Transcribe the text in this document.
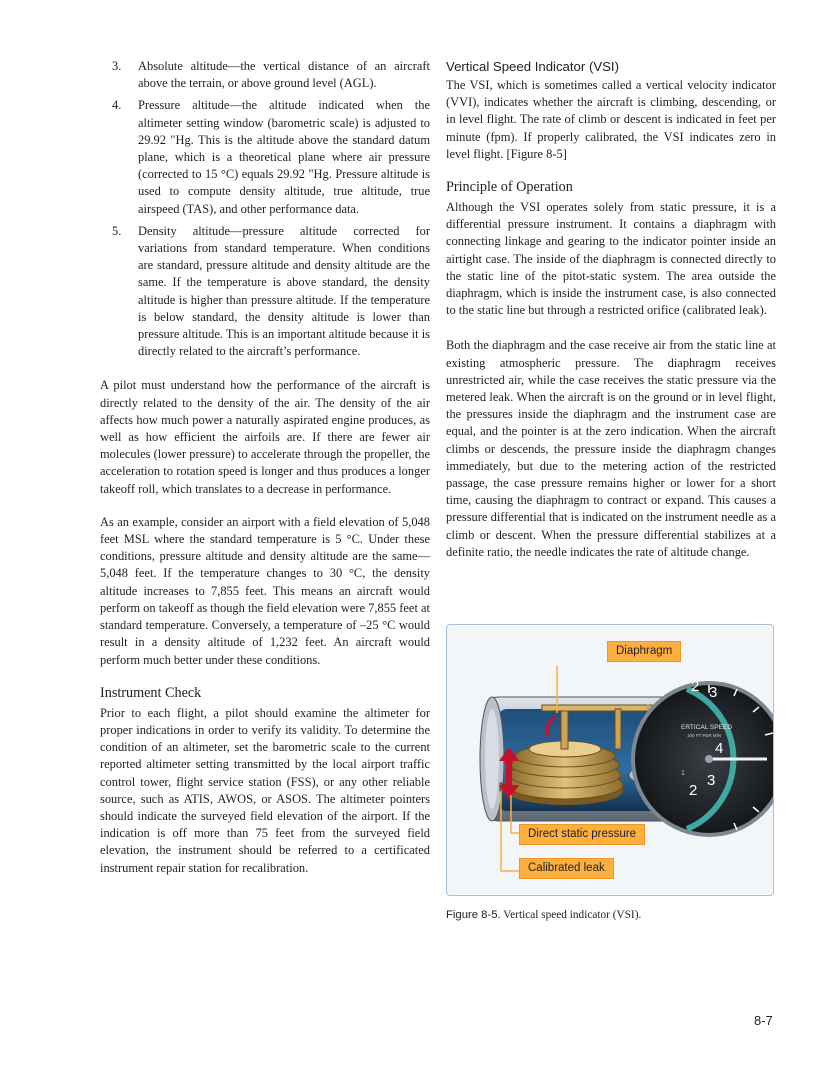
3. Absolute altitude—the vertical distance of an aircraft above the terrain, or above ground level (AGL).
4. Pressure altitude—the altitude indicated when the altimeter setting window (barometric scale) is adjusted to 29.92 "Hg. This is the altitude above the standard datum plane, which is a theoretical plane where air pressure (corrected to 15 °C) equals 29.92 "Hg. Pressure altitude is used to compute density altitude, true altitude, true airspeed (TAS), and other performance data.
5. Density altitude—pressure altitude corrected for variations from standard temperature. When conditions are standard, pressure altitude and density altitude are the same. If the temperature is above standard, the density altitude is higher than pressure altitude. If the temperature is below standard, the density altitude is lower than pressure altitude. This is an important altitude because it is directly related to the aircraft’s performance.

A pilot must understand how the performance of the aircraft is directly related to the density of the air. The density of the air affects how much power a naturally aspirated engine produces, as well as how efficient the airfoils are. If there are fewer air molecules (lower pressure) to accelerate through the propeller, the acceleration to rotation speed is longer and thus produces a longer takeoff roll, which translates to a decrease in performance.

As an example, consider an airport with a field elevation of 5,048 feet MSL where the standard temperature is 5 °C. Under these conditions, pressure altitude and density altitude are the same—5,048 feet. If the temperature changes to 30 °C, the density altitude increases to 7,855 feet. This means an aircraft would perform on takeoff as though the field elevation were 7,855 feet at standard temperature. Conversely, a temperature of –25 °C would result in a density altitude of 1,232 feet. An aircraft would perform much better under these conditions.

Instrument Check

Prior to each flight, a pilot should examine the altimeter for proper indications in order to verify its validity. To determine the condition of an altimeter, set the barometric scale to the current reported altimeter setting transmitted by the local airport traffic control tower, flight service station (FSS), or any other reliable source, such as ATIS, AWOS, or ASOS. The altimeter pointers should indicate the surveyed field elevation of the airport. If the indication is off more than 75 feet from the surveyed field elevation, the instrument should be referred to a certificated instrument repair station for recalibration.

Vertical Speed Indicator (VSI)

The VSI, which is sometimes called a vertical velocity indicator (VVI), indicates whether the aircraft is climbing, descending, or in level flight. The rate of climb or descent is indicated in feet per minute (fpm). If properly calibrated, the VSI indicates zero in level flight. [Figure 8-5]

Principle of Operation

Although the VSI operates solely from static pressure, it is a differential pressure instrument. It contains a diaphragm with connecting linkage and gearing to the indicator pointer inside an airtight case. The inside of the diaphragm is connected directly to the static line of the pitot-static system. The area outside the diaphragm, which is inside the instrument case, is also connected to the static line but through a restricted orifice (calibrated leak).

Both the diaphragm and the case receive air from the static line at existing atmospheric pressure. The diaphragm receives unrestricted air, while the case receives the static pressure via the metered leak. When the aircraft is on the ground or in level flight, the pressures inside the diaphragm and the instrument case are equal, and the pointer is at the zero indication. When the aircraft climbs or descends, the pressure inside the diaphragm changes immediately, but due to the metering action of the restricted passage, the case pressure remains higher or lower for a short time, causing the diaphragm to contract or expand. This causes a pressure differential that is indicated on the instrument needle as a climb or descent. When the pressure differential stabilizes at a definite ratio, the needle indicates the rate of altitude change.

ERTICAL SPEED
100 FT PER MIN
2 3
4
3
2
1
Diaphragm
Direct static pressure
Calibrated leak
Figure 8-5. Vertical speed indicator (VSI).
8-7
